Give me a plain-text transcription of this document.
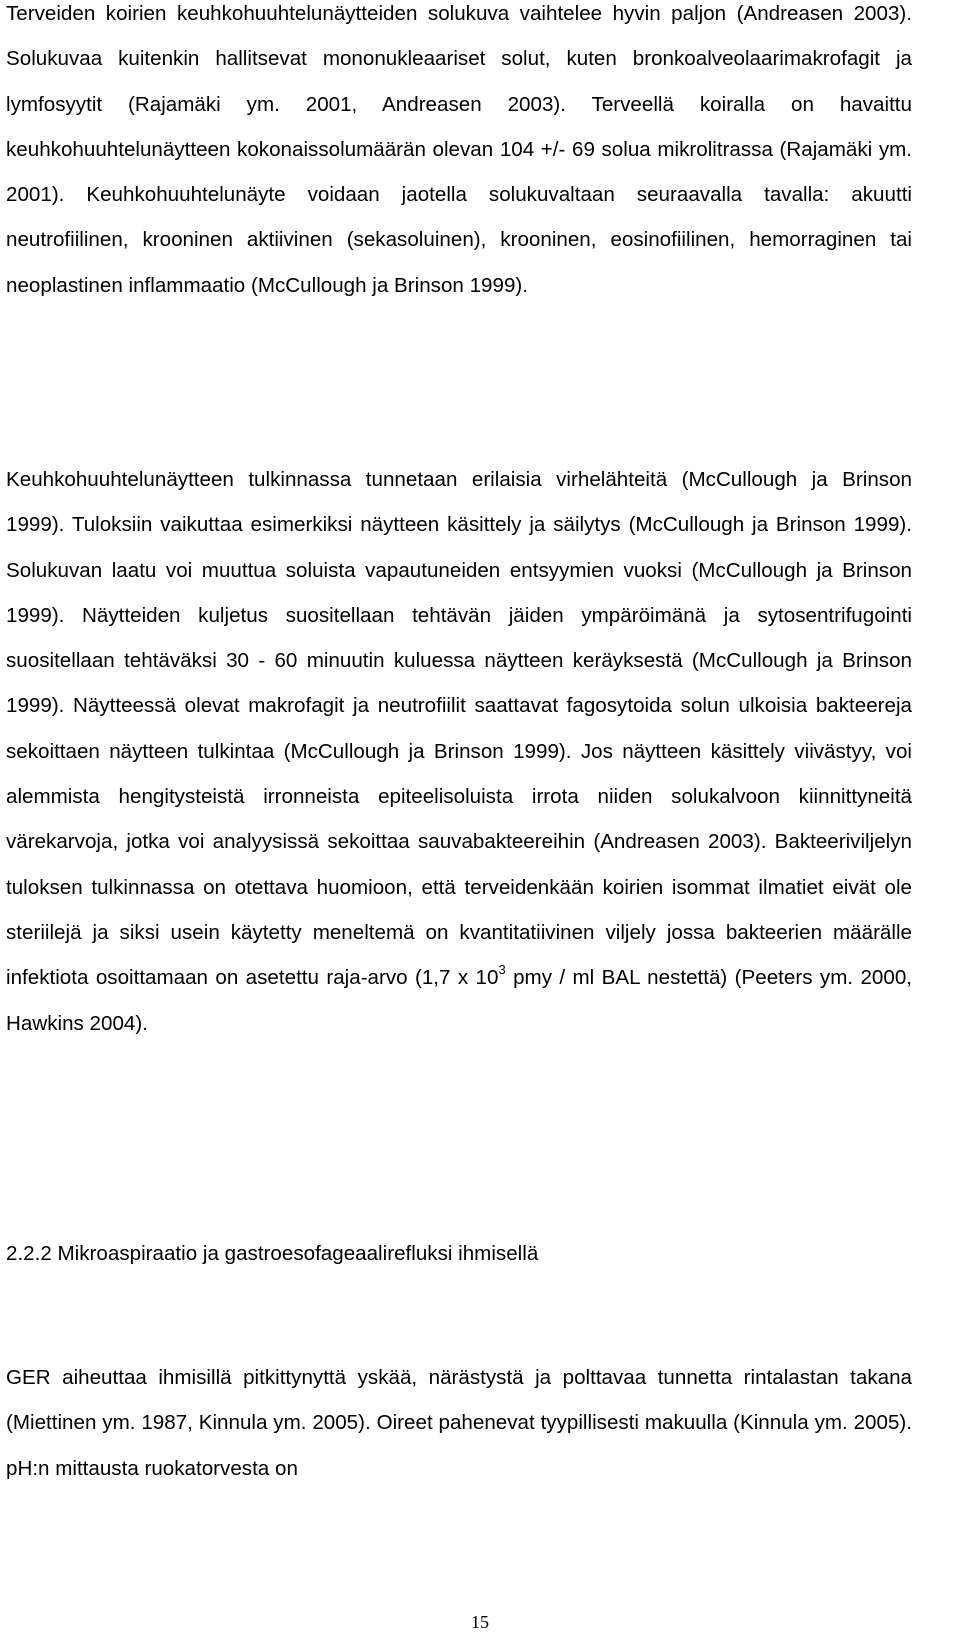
Terveiden koirien keuhkohuuhtelunäytteiden solukuva vaihtelee hyvin paljon (Andreasen 2003). Solukuvaa kuitenkin hallitsevat mononukleaariset solut, kuten bronkoalveolaarimakrofagit ja lymfosyytit (Rajamäki ym. 2001, Andreasen 2003). Terveellä koiralla on havaittu keuhkohuuhtelunäytteen kokonaissolumäärän olevan 104 +/- 69 solua mikrolitrassa (Rajamäki ym. 2001). Keuhkohuuhtelunäyte voidaan jaotella solukuvaltaan seuraavalla tavalla: akuutti neutrofiilinen, krooninen aktiivinen (sekasoluinen), krooninen, eosinofiilinen, hemorraginen tai neoplastinen inflammaatio (McCullough ja Brinson 1999).

Keuhkohuuhtelunäytteen tulkinnassa tunnetaan erilaisia virhelähteitä (McCullough ja Brinson 1999). Tuloksiin vaikuttaa esimerkiksi näytteen käsittely ja säilytys (McCullough ja Brinson 1999). Solukuvan laatu voi muuttua soluista vapautuneiden entsyymien vuoksi (McCullough ja Brinson 1999). Näytteiden kuljetus suositellaan tehtävän jäiden ympäröimänä ja sytosentrifugointi suositellaan tehtäväksi 30 - 60 minuutin kuluessa näytteen keräyksestä (McCullough ja Brinson 1999). Näytteessä olevat makrofagit ja neutrofiilit saattavat fagosytoida solun ulkoisia bakteereja sekoittaen näytteen tulkintaa (McCullough ja Brinson 1999). Jos näytteen käsittely viivästyy, voi alemmista hengitysteistä irronneista epiteelisoluista irrota niiden solukalvoon kiinnittyneitä värekarvoja, jotka voi analyysissä sekoittaa sauvabakteereihin (Andreasen 2003). Bakteeriviljelyn tuloksen tulkinnassa on otettava huomioon, että terveidenkään koirien isommat ilmatiet eivät ole steriilejä ja siksi usein käytetty meneltemä on kvantitatiivinen viljely jossa bakteerien määrälle infektiota osoittamaan on asetettu raja-arvo (1,7 x $10^3$ pmy / ml BAL nestettä) (Peeters ym. 2000, Hawkins 2004).

2.2.2 Mikroaspiraatio ja gastroesofageaalirefluksi ihmisellä

GER aiheuttaa ihmisillä pitkittynyttä yskää, närästystä ja polttavaa tunnetta rintalastan takana (Miettinen ym. 1987, Kinnula ym. 2005). Oireet pahenevat tyypillisesti makuulla (Kinnula ym. 2005). pH:n mittausta ruokatorvesta on

15
